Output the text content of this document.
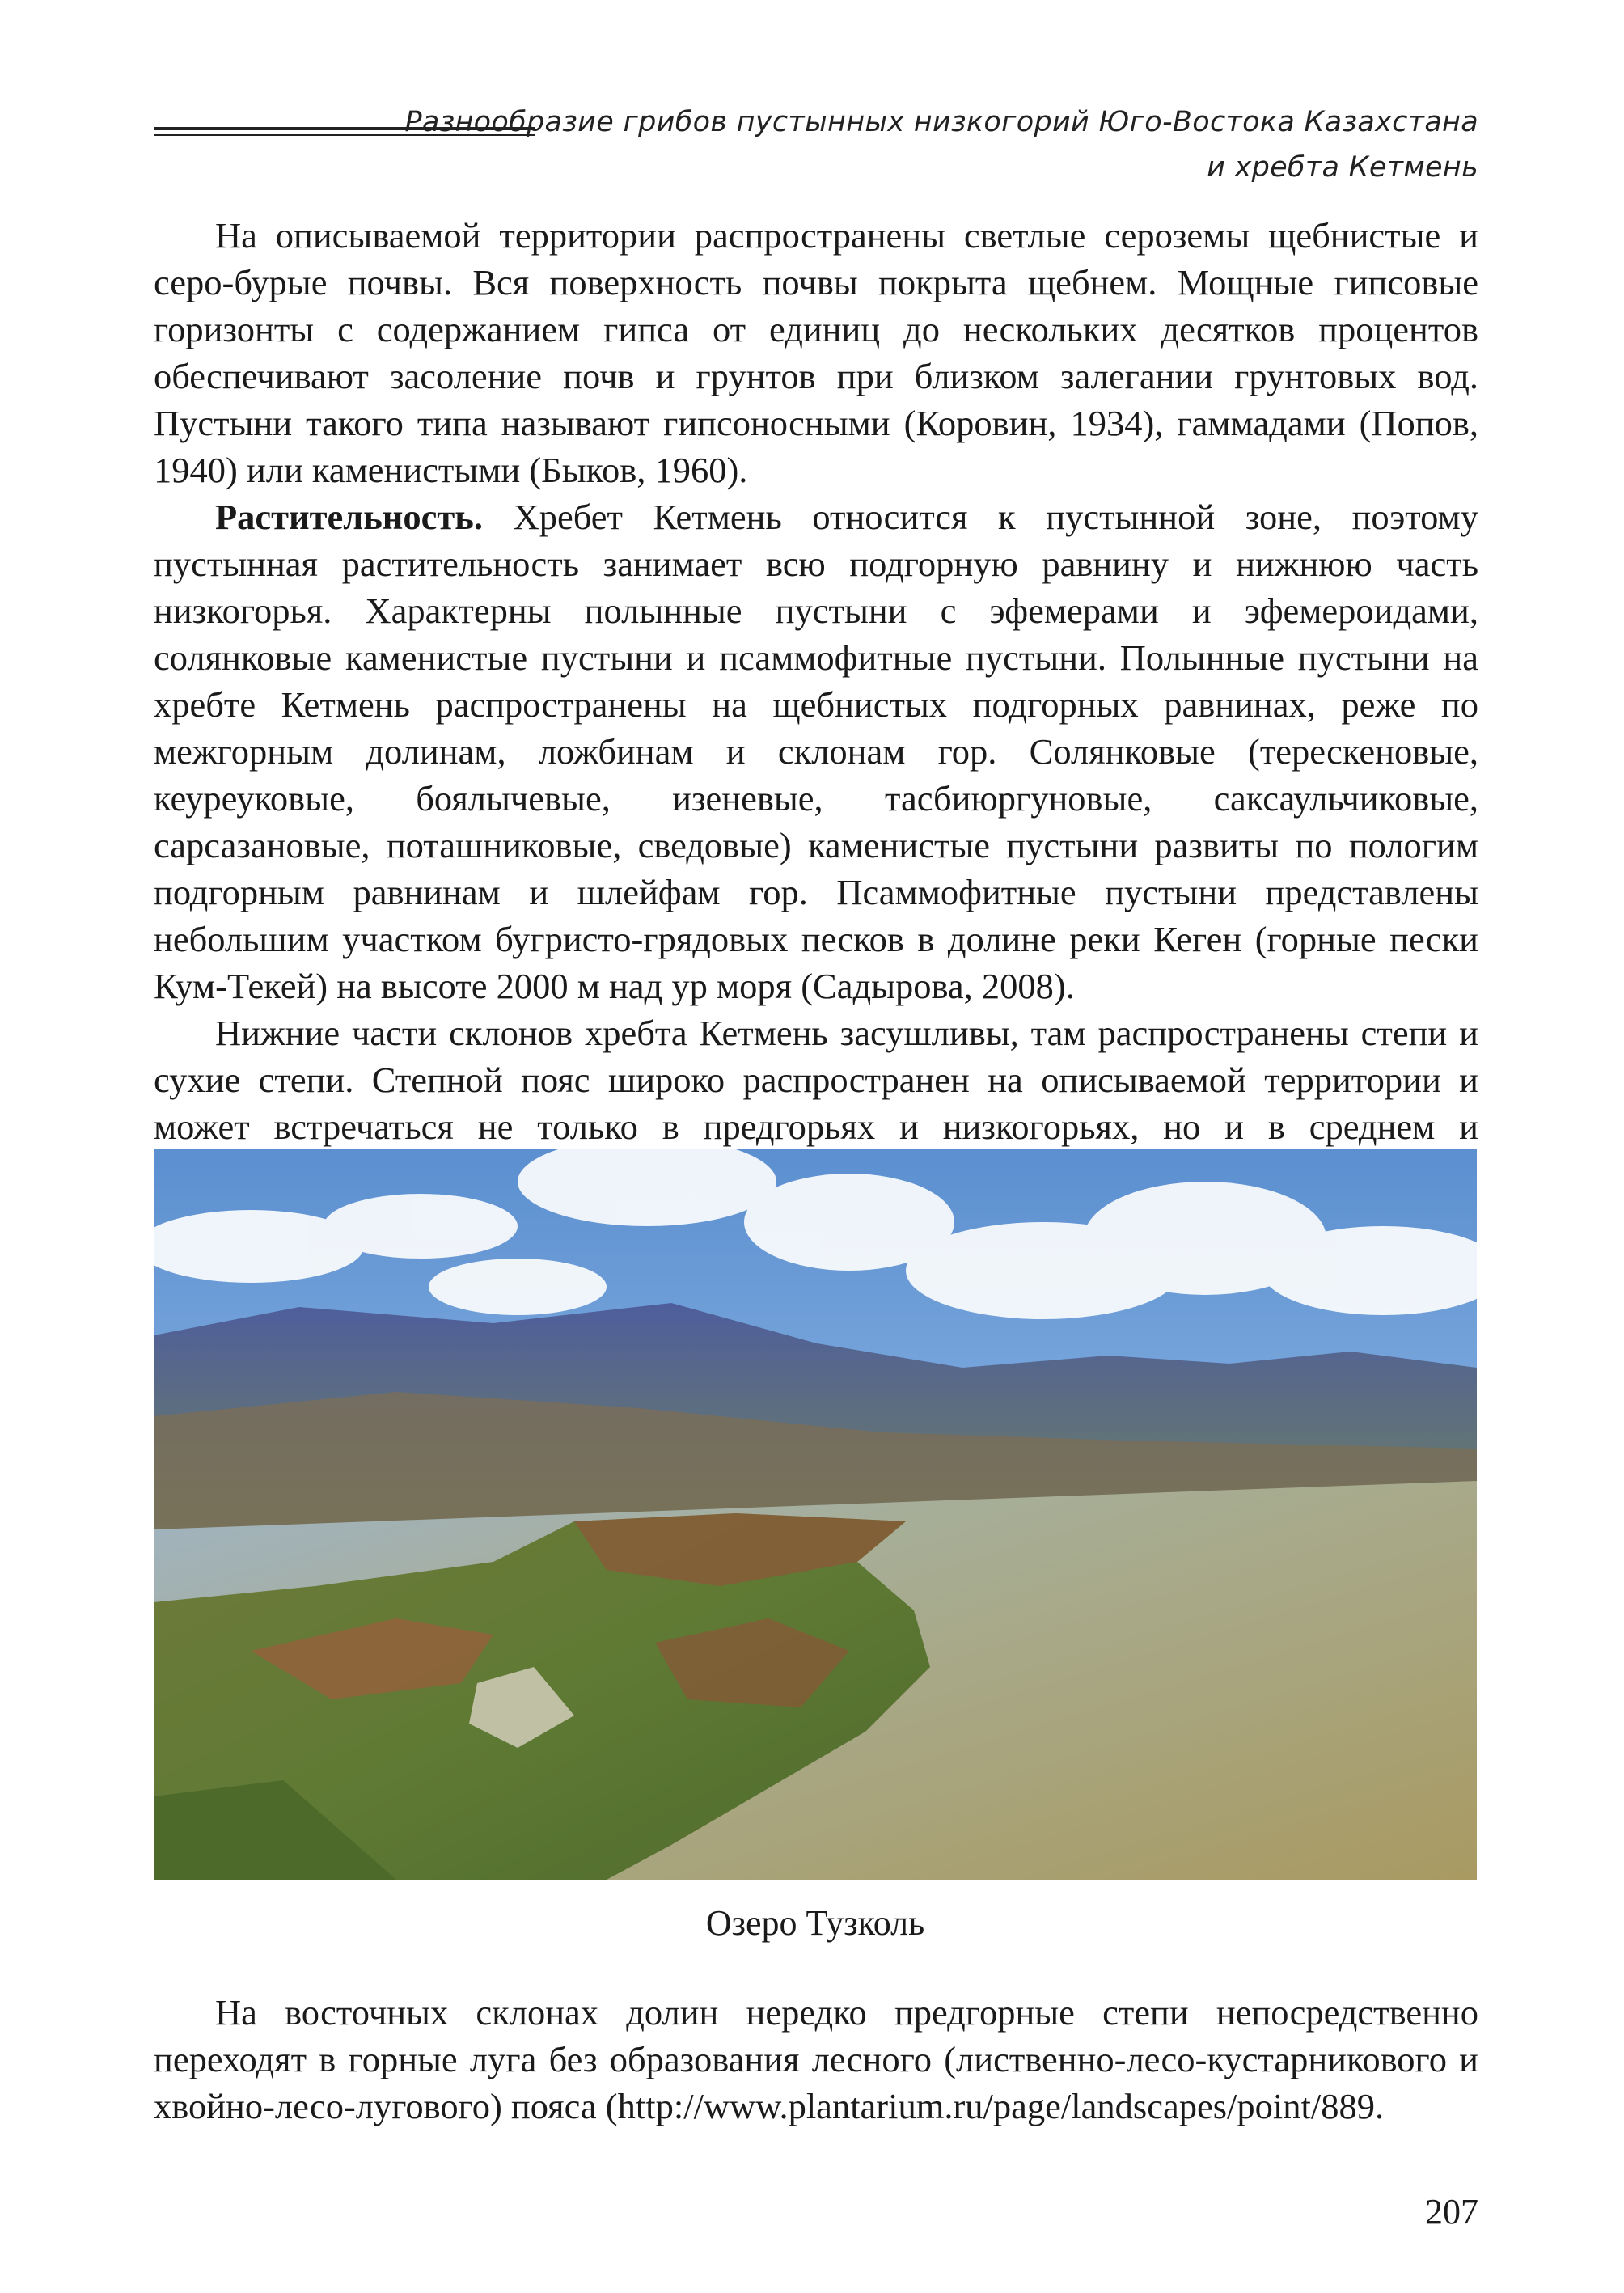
Разнообразие грибов пустынных низкогорий Юго-Востока Казахстана
и хребта Кетмень

На описываемой территории распространены светлые сероземы щебнистые и серо-бурые почвы. Вся поверхность почвы покрыта щебнем. Мощные гипсовые горизонты с содержанием гипса от единиц до нескольких десятков процентов обеспечивают засоление почв и грунтов при близком залегании грунтовых вод. Пустыни такого типа называют гипсоносными (Коровин, 1934), гаммадами (Попов, 1940) или каменистыми (Быков, 1960).

Растительность. Хребет Кетмень относится к пустынной зоне, поэтому пустынная растительность занимает всю подгорную равнину и нижнюю часть низкогорья. Характерны полынные пустыни с эфемерами и эфемероидами, солянковые каменистые пустыни и псаммофитные пустыни. Полынные пустыни на хребте Кетмень распространены на щебнистых подгорных равнинах, реже по межгорным долинам, ложбинам и склонам гор. Солянковые (терескеновые, кеуреуковые, боялычевые, изеневые, тасбиюргуновые, саксаульчиковые, сарсазановые, поташниковые, сведовые) каменистые пустыни развиты по пологим подгорным равнинам и шлейфам гор. Псаммофитные пустыни представлены небольшим участком бугристо-грядовых песков в долине реки Кеген (горные пески Кум-Текей) на высоте 2000 м над ур моря (Садырова, 2008).

Нижние части склонов хребта Кетмень засушливы, там распространены степи и сухие степи. Степной пояс широко распространен на описываемой территории и может встречаться не только в предгорьях и низкогорьях, но и в среднем и

Озеро Тузколь

На восточных склонах долин нередко предгорные степи непосредственно переходят в горные луга без образования лесного (лиственно-лесо-кустарникового и хвойно-лесо-лугового) пояса (http://www.plantarium.ru/page/landscapes/point/889.

207
